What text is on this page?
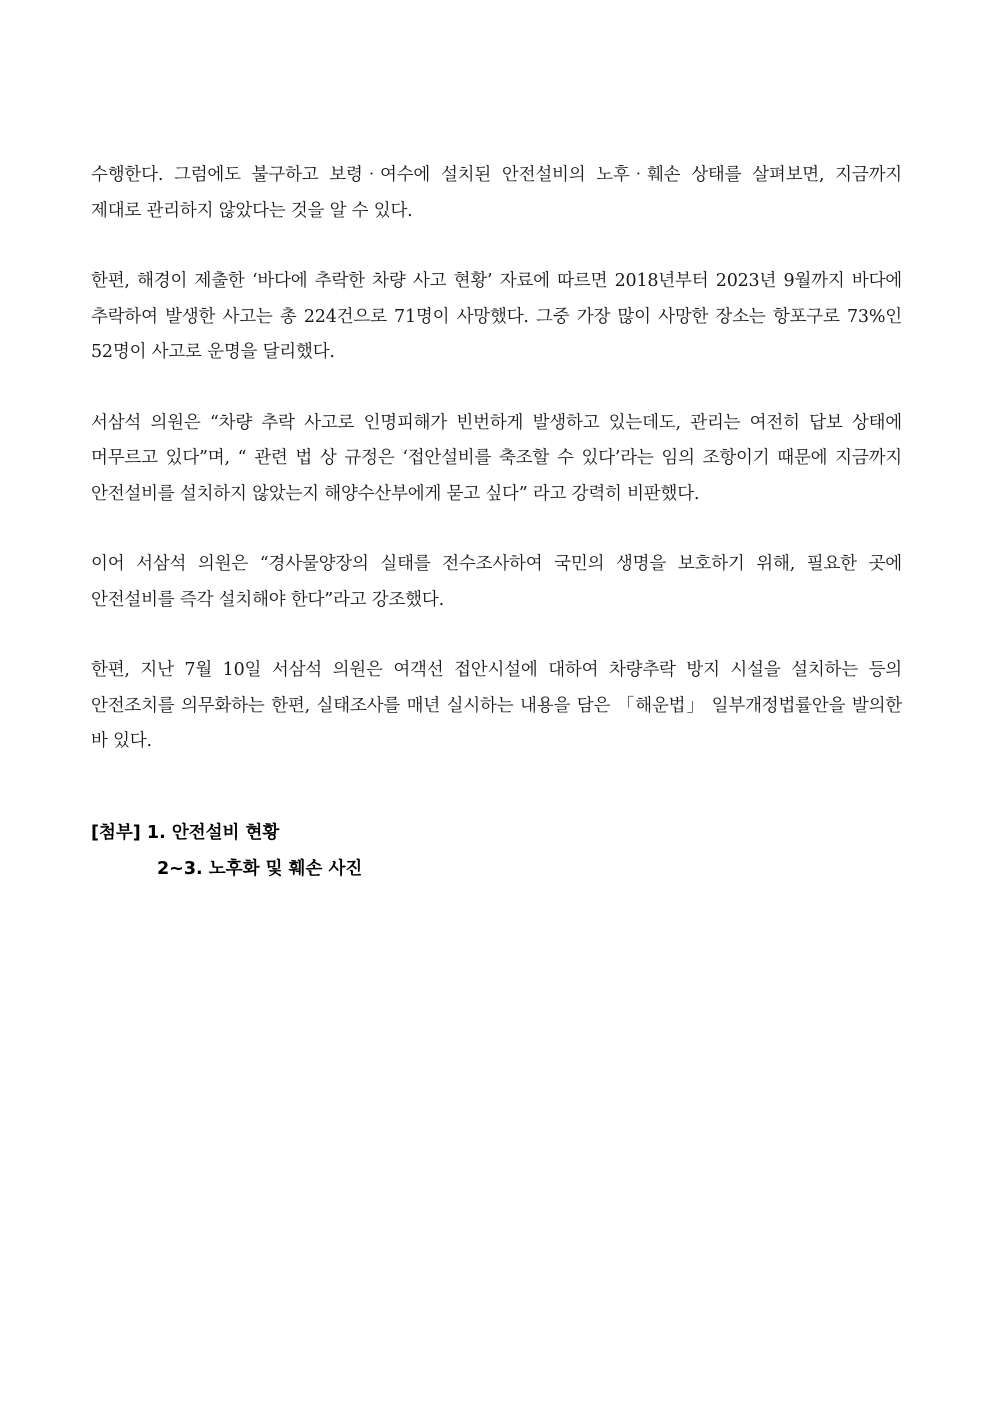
수행한다. 그럼에도 불구하고 보령‧여수에 설치된 안전설비의 노후‧훼손 상태를 살펴보면, 지금까지 제대로 관리하지 않았다는 것을 알 수 있다.

한편, 해경이 제출한 ‘바다에 추락한 차량 사고 현황’ 자료에 따르면 2018년부터 2023년 9월까지 바다에 추락하여 발생한 사고는 총 224건으로 71명이 사망했다. 그중 가장 많이 사망한 장소는 항포구로 73%인 52명이 사고로 운명을 달리했다.

서삼석 의원은 “차량 추락 사고로 인명피해가 빈번하게 발생하고 있는데도, 관리는 여전히 답보 상태에 머무르고 있다”며, “ 관련 법 상 규정은 ‘접안설비를 축조할 수 있다’라는 임의 조항이기 때문에 지금까지 안전설비를 설치하지 않았는지 해양수산부에게 묻고 싶다” 라고 강력히 비판했다.

이어 서삼석 의원은 “경사물양장의 실태를 전수조사하여 국민의 생명을 보호하기 위해, 필요한 곳에 안전설비를 즉각 설치해야 한다”라고 강조했다.

한편, 지난 7월 10일 서삼석 의원은 여객선 접안시설에 대하여 차량추락 방지 시설을 설치하는 등의 안전조치를 의무화하는 한편, 실태조사를 매년 실시하는 내용을 담은 「해운법」 일부개정법률안을 발의한 바 있다.

[첨부] 1. 안전설비 현황
2~3. 노후화 및 훼손 사진
